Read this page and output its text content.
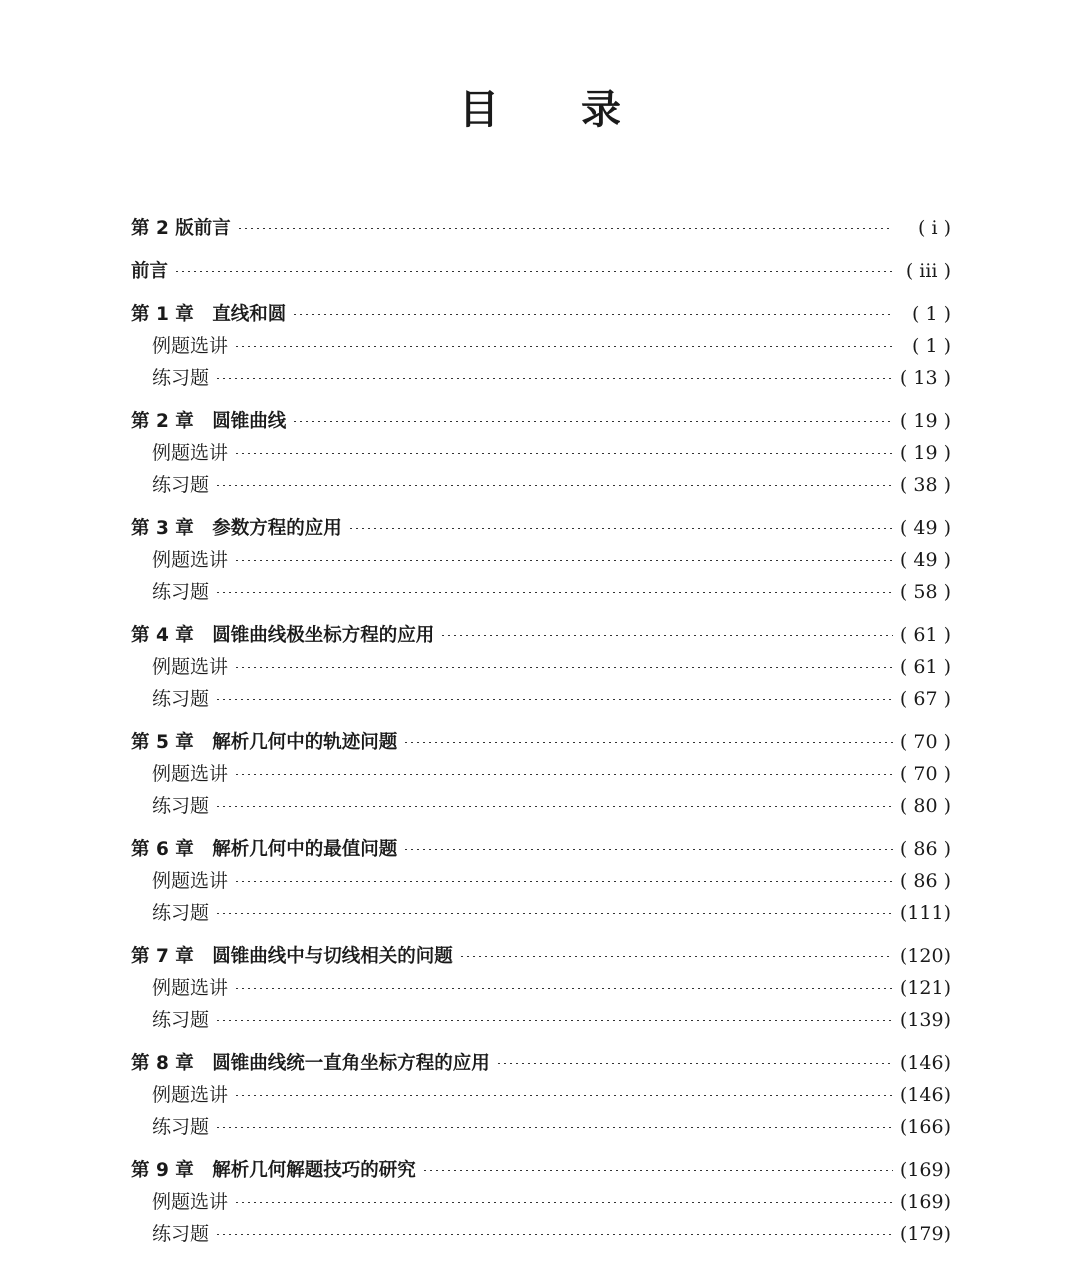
目 录
第 2 版前言	( ⅰ )
前言	( ⅲ )
第 1 章　直线和圆	( 1 )
例题选讲	( 1 )
练习题	( 13 )
第 2 章　圆锥曲线	( 19 )
例题选讲	( 19 )
练习题	( 38 )
第 3 章　参数方程的应用	( 49 )
例题选讲	( 49 )
练习题	( 58 )
第 4 章　圆锥曲线极坐标方程的应用	( 61 )
例题选讲	( 61 )
练习题	( 67 )
第 5 章　解析几何中的轨迹问题	( 70 )
例题选讲	( 70 )
练习题	( 80 )
第 6 章　解析几何中的最值问题	( 86 )
例题选讲	( 86 )
练习题	(111)
第 7 章　圆锥曲线中与切线相关的问题	(120)
例题选讲	(121)
练习题	(139)
第 8 章　圆锥曲线统一直角坐标方程的应用	(146)
例题选讲	(146)
练习题	(166)
第 9 章　解析几何解题技巧的研究	(169)
例题选讲	(169)
练习题	(179)
